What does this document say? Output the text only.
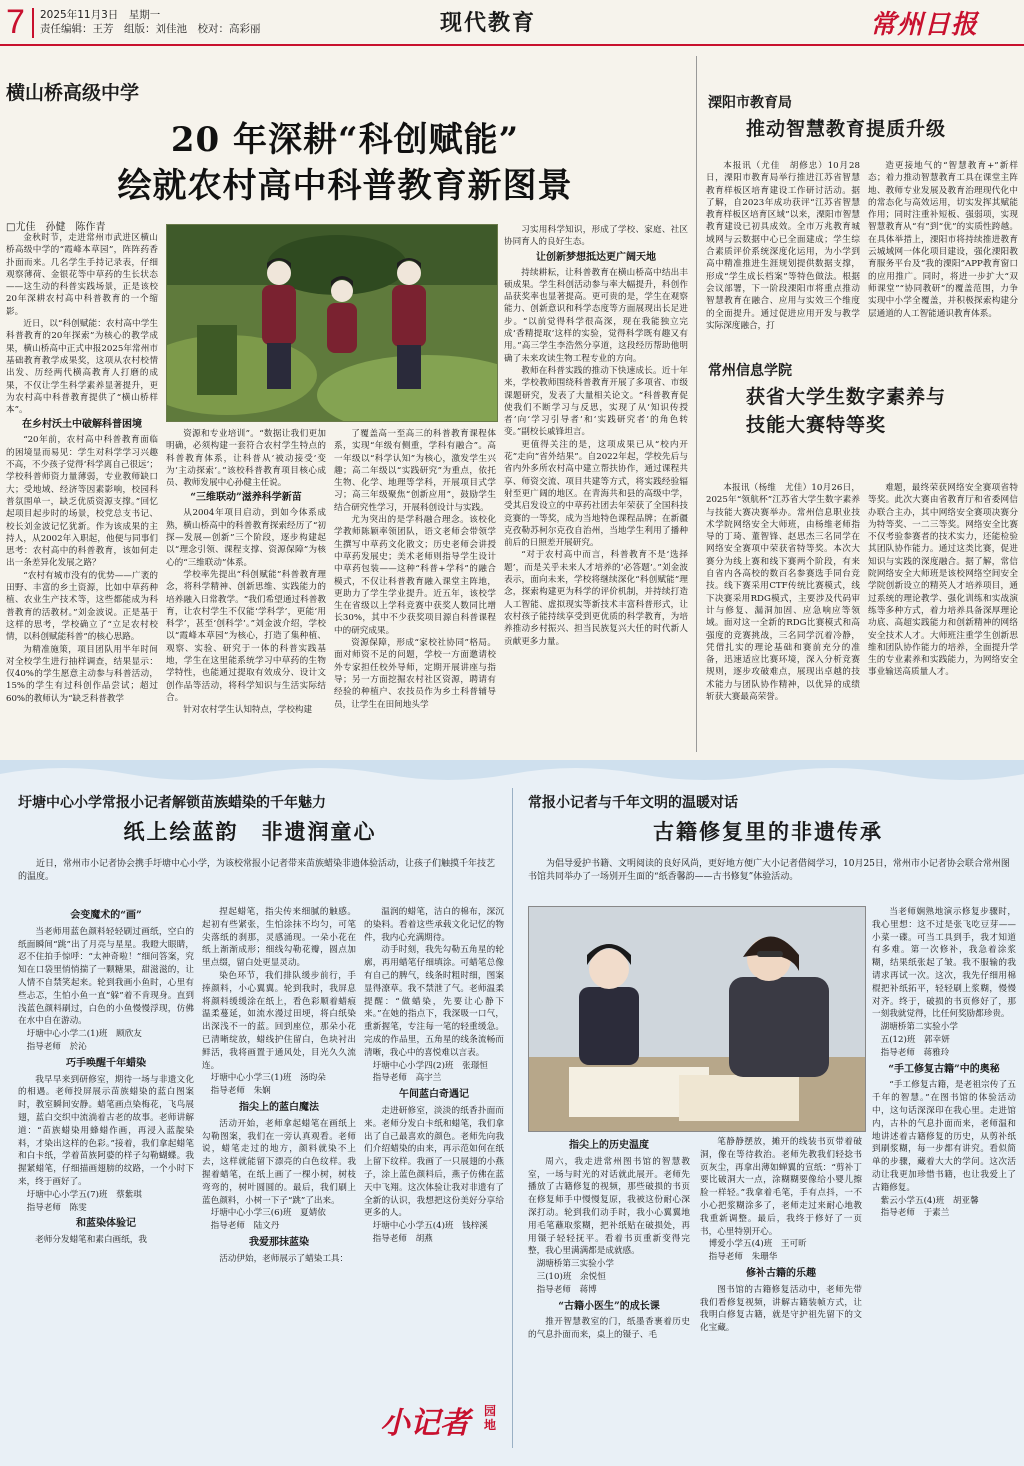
7 2025年11月3日　星期一
责任编辑：王芳　组版：刘佳池　校对：高彩丽	现代教育	常州日报
横山桥高级中学
20 年深耕“科创赋能”
绘就农村高中科普教育新图景
□尤佳　孙健　陈作青

金秋时节，走进常州市武进区横山桥高级中学的“霞峰本草园”，阵阵药香扑面而来。几名学生手持记录表，仔细观察薄荷、金银花等中草药的生长状态——这生动的科普实践场景，正是该校20年深耕农村高中科普教育的一个缩影。

近日，以“科创赋能：农村高中学生科普教育的20年探索”为核心的教学成果，横山桥高中正式申报2025年常州市基础教育教学成果奖，这项从农村校情出发、历经两代横高教育人打磨的成果，不仅让学生科学素养显著提升，更为农村高中科普教育提供了“横山桥样本”。

在乡村沃土中破解科普困境

“20年前，农村高中科普教育面临的困境显而易见：学生对科学学习兴趣不高，不少孩子觉得‘科学离自己很远’；学校科普师资力量薄弱，专业教师缺口大；受地域、经济等因素影响，校园科普氛围单一，缺乏优质资源支撑。”回忆起项目起步时的场景，校党总支书记、校长刘金波记忆犹新。作为该成果的主持人，从2002年入职起，他便与同事们思考：农村高中的科普教育，该如何走出一条差异化发展之路？

“农村有城市没有的优势——广袤的田野、丰富的乡土资源，比如中草药种植、农业生产技术等，这些都能成为科普教育的活教材。”刘金波说。正是基于这样的思考，学校确立了“立足农村校情，以科创赋能科普”的核心思路。

为精准施策，项目团队用半年时间对全校学生进行抽样调查，结果显示：仅40%的学生愿意主动参与科普活动，15%的学生有过科创作品尝试；超过60%的教师认为“缺乏科普教学

资源和专业培训”。“数据让我们更加明确，必须构建一套符合农村学生特点的科普教育体系，让科普从‘被动接受’变为‘主动探索’。”该校科普教育项目核心成员、教师发展中心孙健主任说。

“三维联动”滋养科学新苗

从2004年项目启动，到如今体系成熟，横山桥高中的科普教育探索经历了“初探—发展—创新”三个阶段，逐步构建起以“理念引领、课程支撑、资源保障”为核心的“三维联动”体系。

学校率先提出“科创赋能”科普教育理念，将科学精神、创新思维、实践能力的培养融入日常教学。“我们希望通过科普教育，让农村学生不仅能‘学科学’，更能‘用科学’，甚至‘创科学’。”刘金波介绍，学校以“霞峰本草园”为核心，打造了集种植、观察、实验、研究于一体的科普实践基地，学生在这里能系统学习中草药的生物学特性，也能通过提取有效成分、设计文创作品等活动，将科学知识与生活实际结合。

针对农村学生认知特点，学校构建

了覆盖高一至高三的科普教育课程体系，实现“年级有侧重，学科有融合”。高一年级以“科学认知”为核心，激发学生兴趣；高二年级以“实践研究”为重点，依托生物、化学、地理等学科，开展项目式学习；高三年级聚焦“创新应用”，鼓励学生结合研究性学习，开展科创设计与实践。

尤为突出的是学科融合理念。该校化学教师陈颖率领团队，语文老师会带领学生撰写中草药文化散文；历史老师会讲授中草药发展史；美术老师则指导学生设计中草药包装——这种“科普+学科”的融合模式，不仅让科普教育融入课堂主阵地，更助力了学生学业提升。近五年，该校学生在省级以上学科竞赛中获奖人数同比增长30%，其中不少获奖项目源自科普课程中的研究成果。

资源保障，形成“家校社协同”格局。面对师资不足的问题，学校一方面邀请校外专家担任校外导师，定期开展讲座与指导；另一方面挖掘农村社区资源，聘请有经验的种植户、农技员作为乡土科普辅导员，让学生在田间地头学

习实用科学知识，形成了学校、家庭、社区协同育人的良好生态。

让创新梦想抵达更广阔天地

持续耕耘，让科普教育在横山桥高中结出丰硕成果。学生科创活动参与率大幅提升，科创作品获奖率也显著提高。更可贵的是，学生在观察能力、创新意识和科学态度等方面展现出长足进步。“以前觉得科学很高深，现在我能独立完成‘香精提取’这样的实验，觉得科学既有趣又有用。”高三学生李浩然分享道，这段经历帮助他明确了未来攻读生物工程专业的方向。

教师在科普实践的推动下快速成长。近十年来，学校教师围绕科普教育开展了多项省、市级课题研究，发表了大量相关论文。“科普教育促使我们不断学习与反思，实现了从‘知识传授者’向‘学习引导者’和‘实践研究者’的角色转变。”副校长戚锋坦言。

更值得关注的是，这项成果已从“校内开花”走向“省外结果”。自2022年起，学校先后与省内外多所农村高中建立帮扶协作，通过课程共享、师资交流、项目共建等方式，将实践经验辐射至更广阔的地区。在青海共和县的高级中学，受其启发设立的中草药社团去年荣获了全国科技竞赛的一等奖，成为当地特色课程品牌；在新疆克孜勒苏柯尔克孜自治州，当地学生利用了播种前后的日照差开展研究。

“对于农村高中而言，科普教育不是‘选择题’，而是关乎未来人才培养的‘必答题’。”刘金波表示，面向未来，学校将继续深化“科创赋能”理念，探索构建更为科学的评价机制，并持续打造人工智能、虚拟现实等新技术丰富科普形式，让农村孩子能持续享受到更优质的科学教育，为培养推动乡村振兴、担当民族复兴大任的时代新人贡献更多力量。

溧阳市教育局
推动智慧教育提质升级

本报讯（尤佳　胡修忠）10月28日，溧阳市教育局举行推进江苏省智慧教育样板区培育建设工作研讨活动。据了解，自2023年成功获评“江苏省智慧教育样板区培育区域”以来，溧阳市智慧教育建设已初具成效。全市万兆教育城域网与云数据中心已全面建成；学生综合素质评价系统深度化运用，为小学到高中精准推进生涯规划提供数据支撑，形成“学生成长档案”等特色做法。根据会议部署，下一阶段溧阳市将重点推动智慧教育在融合、应用与实效三个维度的全面提升。通过促进应用开发与教学实际深度融合，打

造更接地气的“智慧教育+”新样态；着力推动智慧教育工具在课堂主阵地、教师专业发展及教育治理现代化中的常态化与高效运用，切实发挥其赋能作用；同时注重补短板、强弱项，实现智慧教育从“有”到“优”的实质性跨越。在具体举措上，溧阳市将持续推进教育云城域网一体化项目建设，强化溧阳教育服务平台及“我的溧阳”APP教育窗口的应用推广。同时，将进一步扩大“双师课堂”“协同教研”的覆盖范围，力争实现中小学全覆盖，并积极探索构建分层通道的人工智能通识教育体系。

常州信息学院
获省大学生数字素养与
技能大赛特等奖

本报讯（杨维　尤佳）10月26日，2025年“领航杯”江苏省大学生数字素养与技能大赛决赛举办。常州信息职业技术学院网络安全大师班，由杨维老师指导的丁琦、董智锋、赵思杰三名同学在网络安全赛项中荣获省特等奖。本次大赛分为线上赛和线下赛两个阶段，有来自省内各高校的数百名参赛选手同台竞技。线下赛采用CTF传统比赛模式，线下决赛采用RDG模式，主要涉及代码审计与修复、漏洞加固、应急响应等领域。面对这一全新的RDG比赛模式和高强度的竞赛挑战，三名同学沉着冷静，凭借扎实的理论基础和赛前充分的准备，迅速适应比赛环境，深入分析竞赛规则，逐步攻破难点，展现出卓越的技术能力与团队协作精神，以优异的成绩斩获大赛最高荣誉。

难题，最终荣获网络安全赛项省特等奖。此次大赛由省教育厅和省委网信办联合主办，其中网络安全赛项决赛分为特等奖、一二三等奖。网络安全比赛不仅考验参赛者的技术实力，还能检验其团队协作能力。通过这类比赛，促进知识与实践的深度融合。据了解，常信院网络安全大师班是该校网络空间安全学院创新设立的精英人才培养项目，通过系统的理论教学、强化训练和实战演练等多种方式，着力培养具备深厚理论功底、高超实践能力和创新精神的网络安全技术人才。大师班注重学生创新思维和团队协作能力的培养，全面提升学生的专业素养和实践能力，为网络安全事业输送高质量人才。

圩塘中心小学常报小记者解锁苗族蜡染的千年魅力
纸上绘蓝韵　非遗润童心
近日，常州市小记者协会携手圩塘中心小学，为该校常报小记者带来苗族蜡染非遗体验活动，让孩子们触摸千年技艺的温度。
会变魔术的“画”

当老师用蓝色颜料轻轻刷过画纸，空白的纸面瞬间“跳”出了月亮与星星。我瞪大眼睛，忍不住拍手惊呼：“太神奇啦！”细问答案，究知在口袋里悄悄揣了一颗糖果，甜滋滋的，让人情不自禁笑起来。轮到我画小鱼时，心里有些忐忑，生怕小鱼一直“躲”着不肯现身。直到浅蓝色颜料刷过，白色的小鱼慢慢浮现，仿佛在水中自在游动。

圩塘中心小学二(1)班　顾欣友

指导老师　於沁

巧手唤醒千年蜡染

我早早来到研修室，期待一场与非遗文化的相遇。老师投屏展示苗族蜡染的蓝白图案时，教室瞬间安静。蜡笔画点染梅花，飞鸟展翅，蓝白交织中流淌着古老的故事。老师讲解道：“苗族蜡染用蜂蜡作画，再浸入蓝靛染料，才染出这样的色彩。”接着，我们拿起蜡笔和白卡纸，学着苗族阿婆的样子勾勒蝴蝶。我握紧蜡笔，仔细描画翅膀的纹路，一个小时下来，终于画好了。

圩塘中心小学五(7)班　蔡紫琪

指导老师　陈雯

和蓝染体验记

老师分发蜡笔和素白画纸，我

捏起蜡笔，指尖传来细腻的触感。起初有些紧张，生怕涂抹不均匀，可笔尖落纸的刹那，灵感涌现。一朵小花在纸上渐渐成形；细线勾勒花瓣，圆点加里点缀，留白处更显灵动。

染色环节，我们排队缓步前行，手捧颜料，小心翼翼。轮到我时，我屏息将颜料缓缓涂在纸上，看色彩顺着蜡痕温柔蔓延，如流水漫过田埂，将白纸染出深浅不一的蓝。回到座位，那朵小花已清晰绽放，蜡线护住留白，色块衬出鲜活，我将画置于通风处，目光久久流连。

圩塘中心小学三(1)班　汤昀朵

指导老师　朱娴

指尖上的蓝白魔法

活动开始，老师拿起蜡笔在画纸上勾勒图案，我们在一旁认真观看。老师说，蜡笔走过的地方，颜料就染不上去，这样就能留下漂亮的白色纹样。我握着蜡笔，在纸上画了一棵小树，树枝弯弯的，树叶圆圆的。最后，我们刷上蓝色颜料，小树一下子“跳”了出来。

圩塘中心小学三(6)班　夏婧依

指导老师　陆文丹

我爱那抹蓝染

活动伊始，老师展示了蜡染工具：

温润的蜡笔，洁白的棉布，深沉的染料。看着这些承载文化记忆的物件，我内心充满期待。

动手时刻，我先勾勒五角星的轮廓，再用蜡笔仔细填涂。可蜡笔总像有自己的脾气，线条时粗时细，图案显得潦草。我不禁泄了气。老师温柔提醒：“做蜡染，先要让心静下来。”在她的指点下，我深吸一口气，重新握笔，专注每一笔的轻重缓急。完成的作品里，五角星的线条流畅而清晰，我心中的喜悦难以言表。

圩塘中心小学四(2)班　张璟恒

指导老师　高宇兰

午间蓝白奇遇记

走进研修室，淡淡的纸香扑面而来。老师分发白卡纸和蜡笔，我们拿出了自己最喜欢的颜色。老师先向我们介绍蜡染的由来，再示范如何在纸上留下纹样。我画了一只展翅的小燕子，涂上蓝色颜料后，燕子仿佛在蓝天中飞翔。这次体验让我对非遗有了全新的认识，我想把这份美好分享给更多的人。

圩塘中心小学五(4)班　钱梓溪

指导老师　胡燕

常报小记者与千年文明的温暖对话
古籍修复里的非遗传承
为倡导爱护书籍、文明阅读的良好风尚，更好地方便广大小记者借阅学习，10月25日，常州市小记者协会联合常州图书馆共同举办了一场别开生面的“纸香馨韵——古书修复”体验活动。
指尖上的历史温度

周六，我走进常州图书馆的智慧教室，一场与时光的对话就此展开。老师先播放了古籍修复的视频，那些破损的书页在修复师手中慢慢复原，我被这份耐心深深打动。轮到我们动手时，我小心翼翼地用毛笔蘸取浆糊，把补纸贴在破损处，再用镊子轻轻抚平。看着书页重新变得完整，我心里满满都是成就感。

湖塘桥第三实验小学

三(10)班　余悦恒

指导老师　蒋博

“古籍小医生”的成长课

推开智慧教室的门，纸墨香裹着历史的气息扑面而来，桌上的镊子、毛

笔静静摆放，摊开的线装书页带着破洞，像在等待救治。老师先教我们轻捻书页灰尘，再拿出薄如蝉翼的宣纸：“剪补丁要比破洞大一点，涂糊糊要像给小婴儿擦脸一样轻。”我拿着毛笔，手有点抖，一不小心把浆糊涂多了，老师走过来耐心地教我重新调整。最后，我终于修好了一页书，心里特别开心。

博爱小学五(4)班　王可昕

指导老师　朱珊华

修补古籍的乐趣

图书馆的古籍修复活动中，老师先带我们看修复视频，讲解古籍装帧方式，让我明白修复古籍，就是守护祖先留下的文化宝藏。

当老师娴熟地演示修复步骤时，我心里想：这不过是张飞吃豆芽——小菜一碟。可当工具到手，我才知道有多难。第一次修补，我急着涂浆糊，结果纸张起了皱。我不服输的我请求再试一次。这次，我先仔细用棉棍把补纸拓平，轻轻刷上浆糊，慢慢对齐。终于，破损的书页修好了，那一刻我就觉得，比任何奖励都珍贵。

湖塘桥第二实验小学

五(12)班　郭幸妍

指导老师　蒋雅玲

“手工修复古籍”中的奥秘

“手工修复古籍，是老祖宗传了五千年的智慧。”在图书馆的体验活动中，这句话深深印在我心里。走进馆内，古朴的气息扑面而来，老师温和地讲述着古籍修复的历史，从剪补纸到刷浆糊，每一步都有讲究。看似简单的步骤，藏着大大的学问。这次活动让我更加珍惜书籍，也让我爱上了古籍修复。

紫云小学五(4)班　胡亚馨

指导老师　于素兰

小记者 园地
